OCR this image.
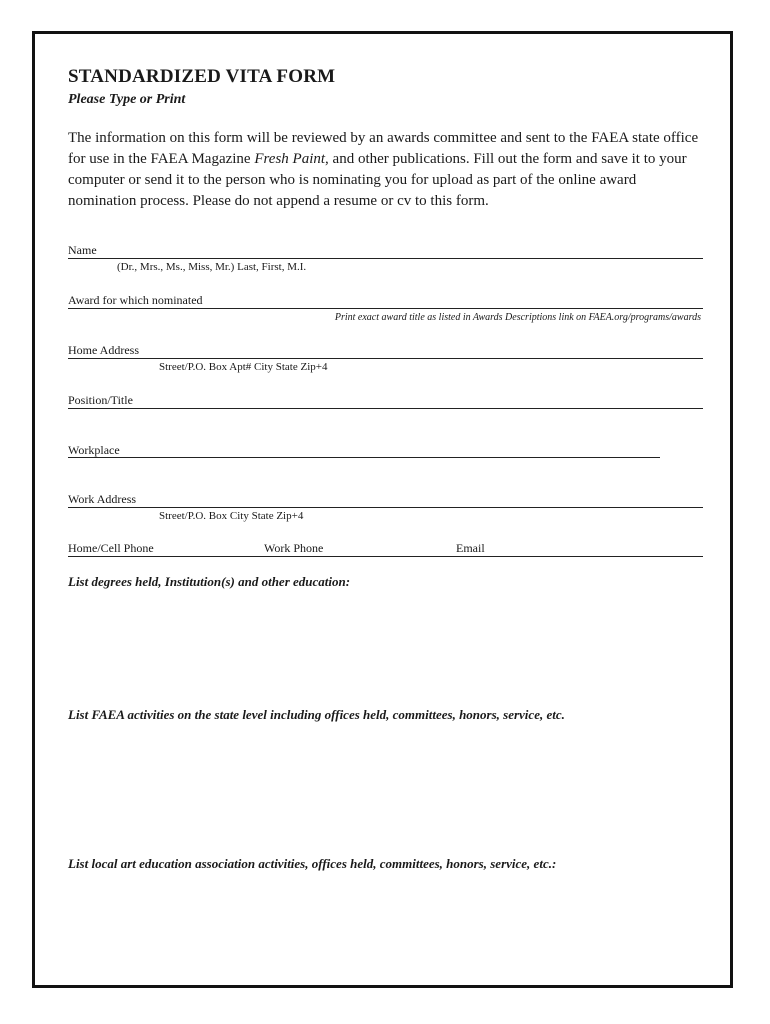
STANDARDIZED VITA FORM
Please Type or Print
The information on this form will be reviewed by an awards committee and sent to the FAEA state office for use in the FAEA Magazine Fresh Paint, and other publications. Fill out the form and save it to your computer or send it to the person who is nominating you for upload as part of the online award nomination process. Please do not append a resume or cv to this form.
Name
(Dr., Mrs., Ms., Miss, Mr.) Last, First, M.I.
Award for which nominated
Print exact award title as listed in Awards Descriptions link on FAEA.org/programs/awards
Home Address
Street/P.O. Box Apt# City State Zip+4
Position/Title
Workplace
Work Address
Street/P.O. Box City State Zip+4
Home/Cell Phone	Work Phone	Email
List degrees held, Institution(s) and other education:
List FAEA activities on the state level including offices held, committees, honors, service, etc.
List local art education association activities, offices held, committees, honors, service, etc.:
